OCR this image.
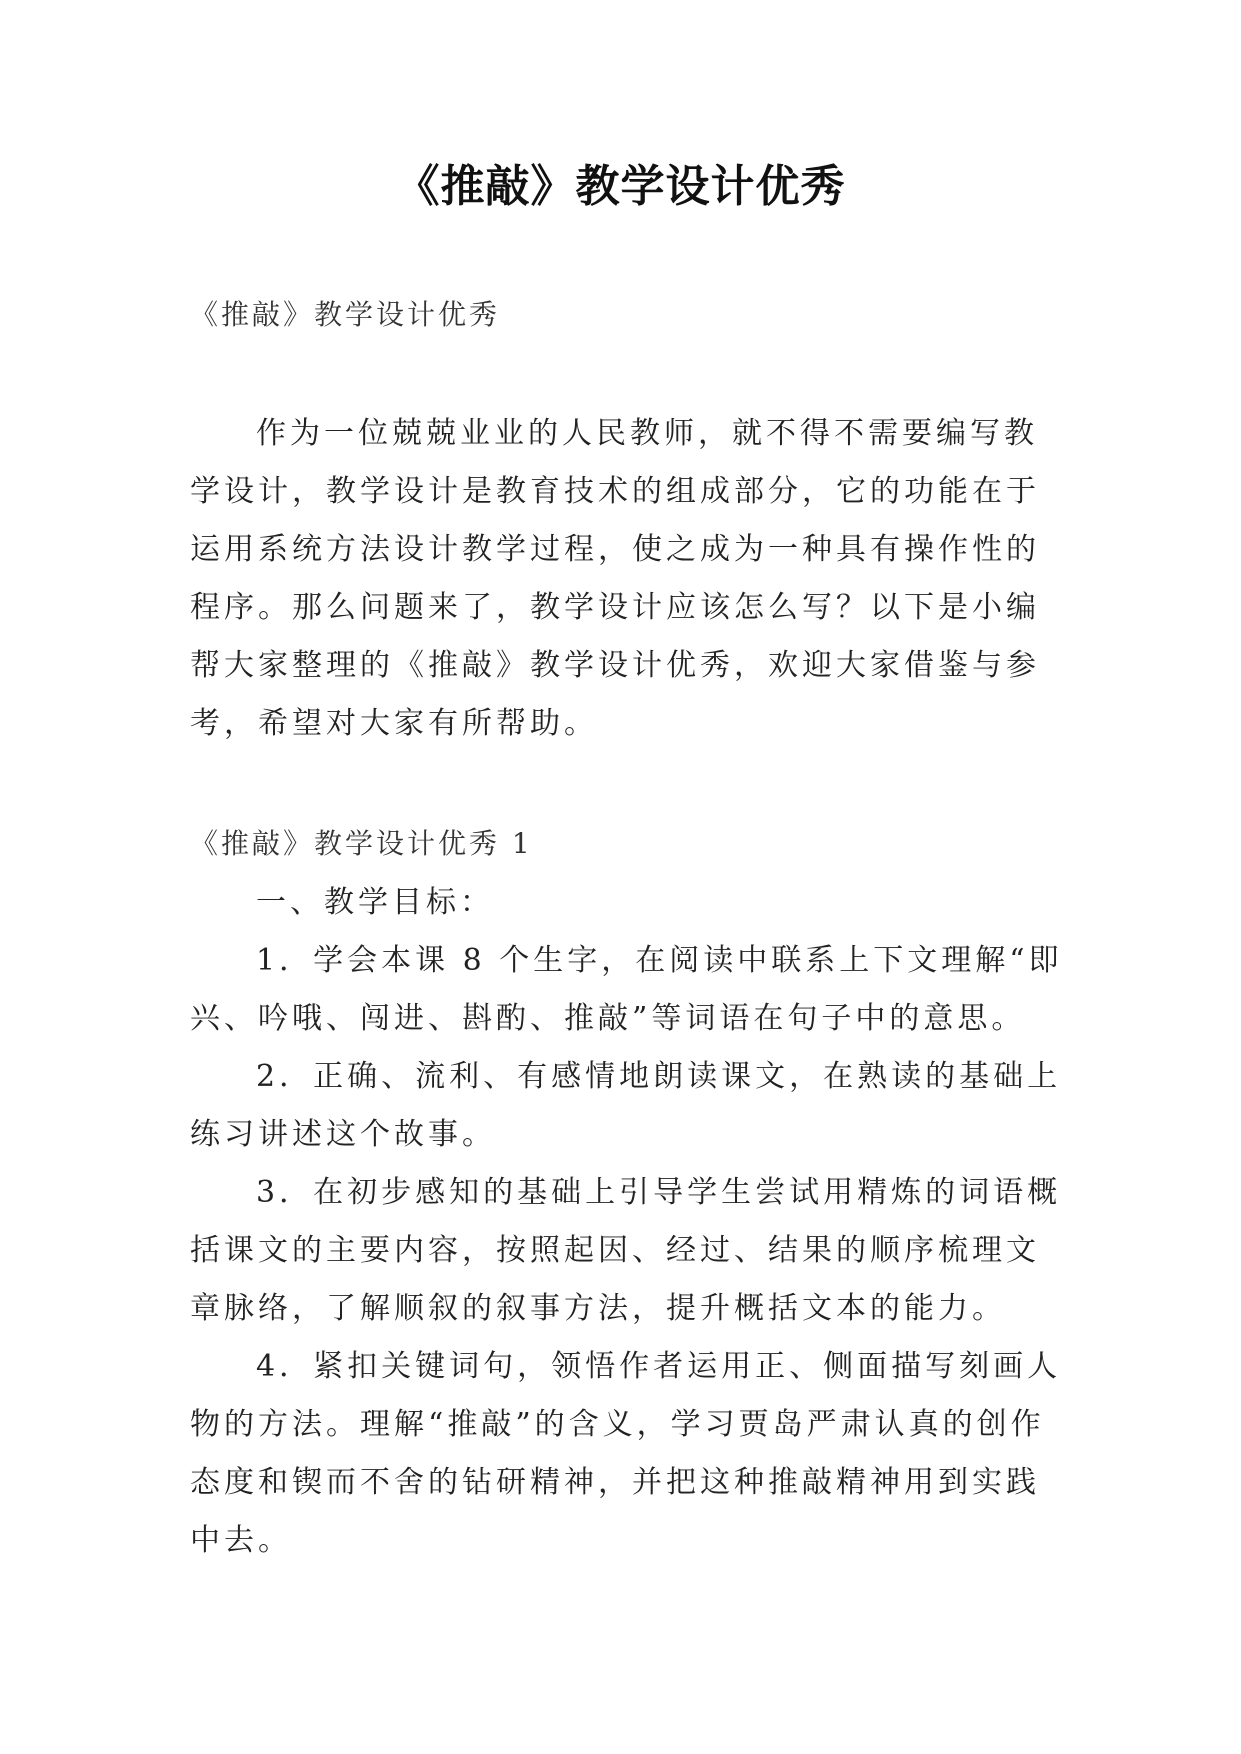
《推敲》教学设计优秀
《推敲》教学设计优秀

作为一位兢兢业业的人民教师，就不得不需要编写教学设计，教学设计是教育技术的组成部分，它的功能在于运用系统方法设计教学过程，使之成为一种具有操作性的程序。那么问题来了，教学设计应该怎么写？以下是小编帮大家整理的《推敲》教学设计优秀，欢迎大家借鉴与参考，希望对大家有所帮助。

《推敲》教学设计优秀 1

一、教学目标：

1．学会本课 8 个生字，在阅读中联系上下文理解“即兴、吟哦、闯进、斟酌、推敲”等词语在句子中的意思。

2．正确、流利、有感情地朗读课文，在熟读的基础上练习讲述这个故事。

3．在初步感知的基础上引导学生尝试用精炼的词语概括课文的主要内容，按照起因、经过、结果的顺序梳理文章脉络，了解顺叙的叙事方法，提升概括文本的能力。

4．紧扣关键词句，领悟作者运用正、侧面描写刻画人物的方法。理解“推敲”的含义，学习贾岛严肃认真的创作态度和锲而不舍的钻研精神，并把这种推敲精神用到实践中去。
